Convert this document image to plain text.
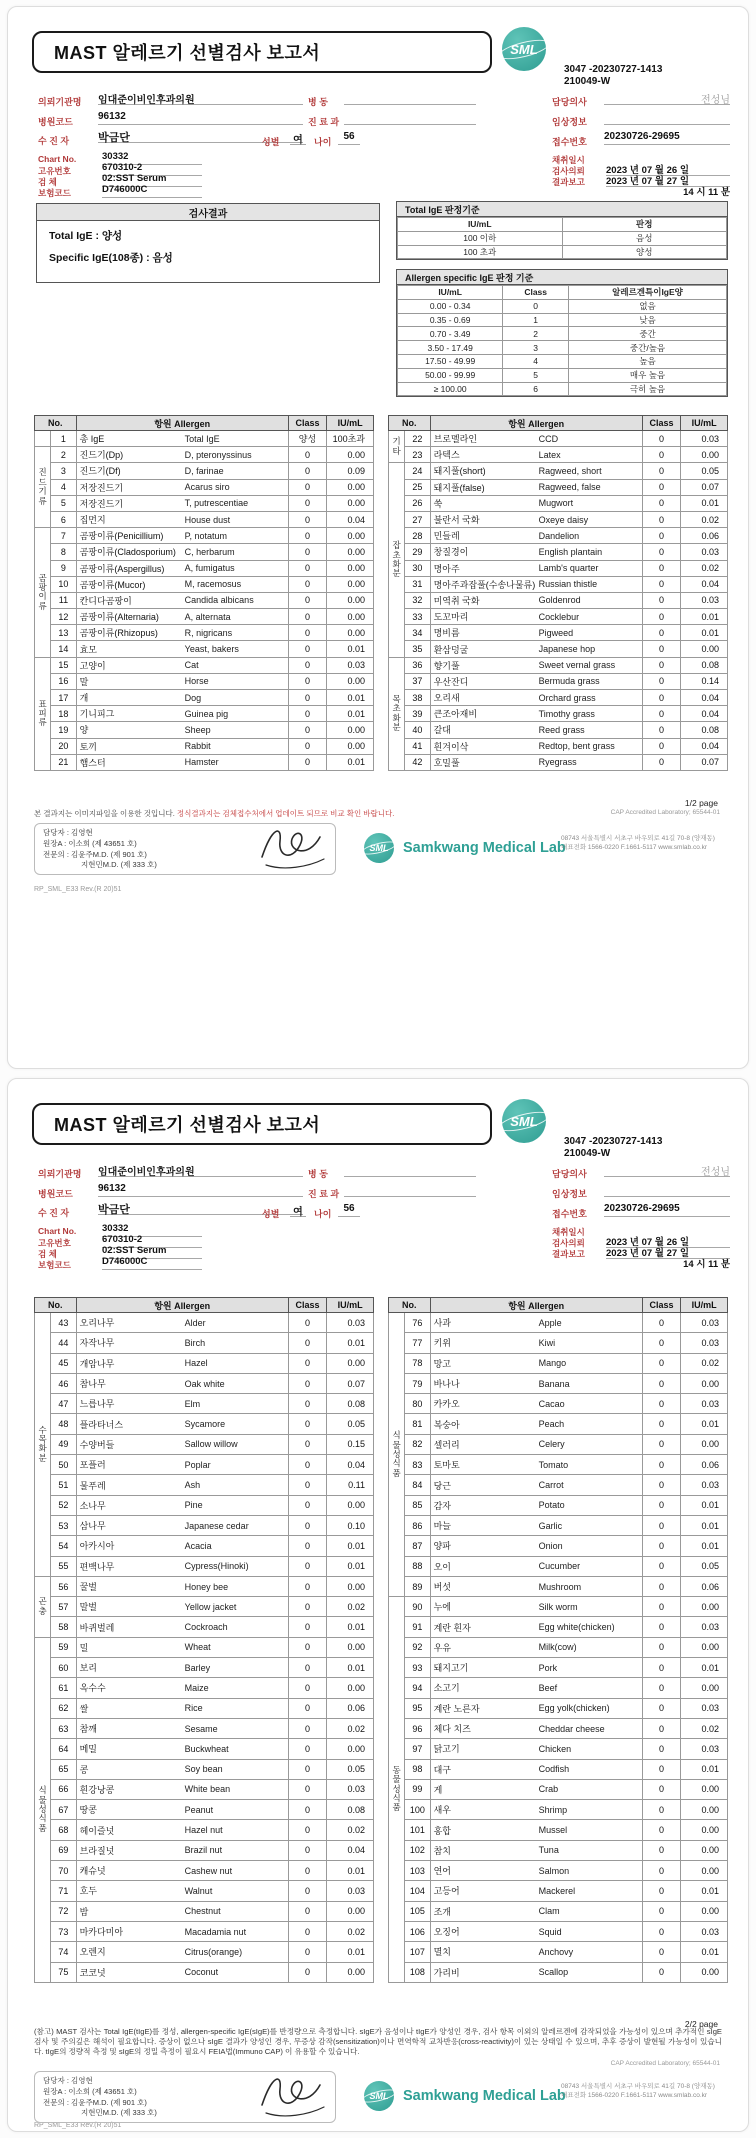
MAST 알레르기 선별검사 보고서	SML
3047 -20230727-1413
210049-W
의뢰기관명 임대준이비인후과의원	병 동	담당의사	전성님
병원코드	96132	진 료 과	임상정보
수 진 자	박금단	성별	여	나이	56	접수번호 20230726-29695
Chart No.	30332
고유번호	670310-2
검 체	02:SST Serum
보험코드	D746000C
채취일시
검사의뢰 2023 년 07 월 26 일
결과보고 2023 년 07 월 27 일
14 시 11 분
검사결과
Total IgE : 양성
Specific IgE(108종) : 음성
Total IgE 판정기준
IU/mL	판정
100 이하	음성
100 초과	양성
Allergen specific IgE 판정 기준
IU/mL	Class	알레르겐특이IgE양
0.00 - 0.34	0	없음
0.35 - 0.69	1	낮음
0.70 - 3.49	2	중간
3.50 - 17.49	3	중간/높음
17.50 - 49.99	4	높음
50.00 - 99.99	5	매우 높음
≥ 100.00	6	극히 높음
No.		항원 Allergen		Class	IU/mL
	1	총 IgE	Total IgE	양성	100초과
진드기류	2	진드기(Dp)	D, pteronyssinus	0	0.00
	3	진드기(Df)	D, farinae	0	0.09
	4	저장진드기	Acarus siro	0	0.00
	5	저장진드기	T, putrescentiae	0	0.00
	6	집먼지	House dust	0	0.04
곰팡이류	7	곰팡이류(Penicillium)	P, notatum	0	0.00
	8	곰팡이류(Cladosporium)	C, herbarum	0	0.00
	9	곰팡이류(Aspergillus)	A, fumigatus	0	0.00
	10	곰팡이류(Mucor)	M, racemosus	0	0.00
	11	칸디다곰팡이	Candida albicans	0	0.00
	12	곰팡이류(Alternaria)	A, alternata	0	0.00
	13	곰팡이류(Rhizopus)	R, nigricans	0	0.00
	14	효모	Yeast, bakers	0	0.01
표피류	15	고양이	Cat	0	0.03
	16	말	Horse	0	0.00
	17	개	Dog	0	0.01
	18	기니피그	Guinea pig	0	0.01
	19	양	Sheep	0	0.00
	20	토끼	Rabbit	0	0.00
	21	햄스터	Hamster	0	0.01
No.		항원 Allergen		Class	IU/mL
기타	22	브로멜라인	CCD	0	0.03
	23	라텍스	Latex	0	0.00
잡초화분	24	돼지풀(short)	Ragweed, short	0	0.05
	25	돼지풀(false)	Ragweed, false	0	0.07
	26	쑥	Mugwort	0	0.01
	27	불란서 국화	Oxeye daisy	0	0.02
	28	민들레	Dandelion	0	0.06
	29	창질경이	English plantain	0	0.03
	30	명아주	Lamb's quarter	0	0.02
	31	명아주과잡풀(수송나물류)	Russian thistle	0	0.04
	32	미역취 국화	Goldenrod	0	0.03
	33	도꼬마리	Cocklebur	0	0.01
	34	명비름	Pigweed	0	0.01
	35	환삼덩굴	Japanese hop	0	0.00
목초화분	36	향기풀	Sweet vernal grass	0	0.08
	37	우산잔디	Bermuda grass	0	0.14
	38	오리새	Orchard grass	0	0.04
	39	큰조아재비	Timothy grass	0	0.04
	40	갈대	Reed grass	0	0.08
	41	흰겨이삭	Redtop, bent grass	0	0.04
	42	호밀풀	Ryegrass	0	0.07
1/2 page
본 결과지는 이미지파일을 이용한 것입니다. 정식결과지는 검체접수처에서 업데이트 되므로 비교 확인 바랍니다.	CAP Accredited Laboratory; 65544-01
RP_SML_E33 Rev.(R 20)51
담당자 : 김영현
원장A : 이소희 (제 43651 호)
전문의 : 김윤주M.D. (제 901 호)
지현민M.D. (제 333 호)
SML Samkwang Medical Lab
08743 서울특별시 서초구 바우뫼로 41길 70-8 (양재동)
대표전화 1566-0220 F.1661-5117 www.smlab.co.kr
MAST 알레르기 선별검사 보고서	SML
3047 -20230727-1413
210049-W
의뢰기관명 임대준이비인후과의원	병 동	담당의사	전성님
병원코드	96132	진 료 과	임상정보
수 진 자	박금단	성별	여	나이	56	접수번호 20230726-29695
Chart No.	30332
고유번호	670310-2
검 체	02:SST Serum
보험코드	D746000C
채취일시
검사의뢰 2023 년 07 월 26 일
결과보고 2023 년 07 월 27 일
14 시 11 분
No.		항원 Allergen		Class	IU/mL
수목화분	43	오리나무	Alder	0	0.03
	44	자작나무	Birch	0	0.01
	45	개암나무	Hazel	0	0.00
	46	참나무	Oak white	0	0.07
	47	느릅나무	Elm	0	0.08
	48	플라타너스	Sycamore	0	0.05
	49	수양버들	Sallow willow	0	0.15
	50	포플러	Poplar	0	0.04
	51	물푸레	Ash	0	0.11
	52	소나무	Pine	0	0.00
	53	삼나무	Japanese cedar	0	0.10
	54	아카시아	Acacia	0	0.01
	55	편백나무	Cypress(Hinoki)	0	0.01
곤충	56	꿀벌	Honey bee	0	0.00
	57	말벌	Yellow jacket	0	0.02
	58	바퀴벌레	Cockroach	0	0.01
식물성식품	59	밀	Wheat	0	0.00
	60	보리	Barley	0	0.01
	61	옥수수	Maize	0	0.00
	62	쌀	Rice	0	0.06
	63	참깨	Sesame	0	0.02
	64	메밀	Buckwheat	0	0.00
	65	콩	Soy bean	0	0.05
	66	흰강낭콩	White bean	0	0.03
	67	땅콩	Peanut	0	0.08
	68	헤이즐넛	Hazel nut	0	0.02
	69	브라질넛	Brazil nut	0	0.04
	70	캐슈넛	Cashew nut	0	0.01
	71	호두	Walnut	0	0.03
	72	밤	Chestnut	0	0.00
	73	마카다미아	Macadamia nut	0	0.02
	74	오렌지	Citrus(orange)	0	0.01
	75	코코넛	Coconut	0	0.00
No.		항원 Allergen		Class	IU/mL
식물성식품	76	사과	Apple	0	0.03
	77	키위	Kiwi	0	0.03
	78	망고	Mango	0	0.02
	79	바나나	Banana	0	0.00
	80	카카오	Cacao	0	0.03
	81	복숭아	Peach	0	0.01
	82	셀러리	Celery	0	0.00
	83	토마토	Tomato	0	0.06
	84	당근	Carrot	0	0.03
	85	감자	Potato	0	0.01
	86	마늘	Garlic	0	0.01
	87	양파	Onion	0	0.01
	88	오이	Cucumber	0	0.05
	89	버섯	Mushroom	0	0.06
동물성식품	90	누에	Silk worm	0	0.00
	91	계란 흰자	Egg white(chicken)	0	0.03
	92	우유	Milk(cow)	0	0.00
	93	돼지고기	Pork	0	0.01
	94	소고기	Beef	0	0.00
	95	계란 노른자	Egg yolk(chicken)	0	0.03
	96	체다 치즈	Cheddar cheese	0	0.02
	97	닭고기	Chicken	0	0.03
	98	대구	Codfish	0	0.01
	99	게	Crab	0	0.00
	100	새우	Shrimp	0	0.00
	101	홍합	Mussel	0	0.00
	102	참치	Tuna	0	0.00
	103	연어	Salmon	0	0.00
	104	고등어	Mackerel	0	0.01
	105	조개	Clam	0	0.00
	106	오징어	Squid	0	0.03
	107	멸치	Anchovy	0	0.01
	108	가리비	Scallop	0	0.00
2/2 page
(참고) MAST 검사는 Total IgE(tIgE)를 정성, allergen-specific IgE(sIgE)를 반정량으로 측정합니다. sIgE가 음성이나 tIgE가 양성인 경우, 검사 항목 이외의 알레르겐에 감작되었을 가능성이 있으며 추가적인 sIgE 검사 및 주의깊은 해석이 필요합니다. 증상이 없으나 sIgE 결과가 양성인 경우, 무증상 감작(sensitization)이나 면역학적 교차반응(cross-reactivity)이 있는 상태일 수 있으며, 추후 증상이 발현될 가능성이 있습니다. tIgE의 정량적 측정 및 sIgE의 정밀 측정이 필요시 FEIA법(Immuno CAP) 이 유용할 수 있습니다.
CAP Accredited Laboratory; 65544-01
RP_SML_E33 Rev.(R 20)51
담당자 : 김영현
원장A : 이소희 (제 43651 호)
전문의 : 김윤주M.D. (제 901 호)
지현민M.D. (제 333 호)
SML Samkwang Medical Lab
08743 서울특별시 서초구 바우뫼로 41길 70-8 (양재동)
대표전화 1566-0220 F.1661-5117 www.smlab.co.kr
